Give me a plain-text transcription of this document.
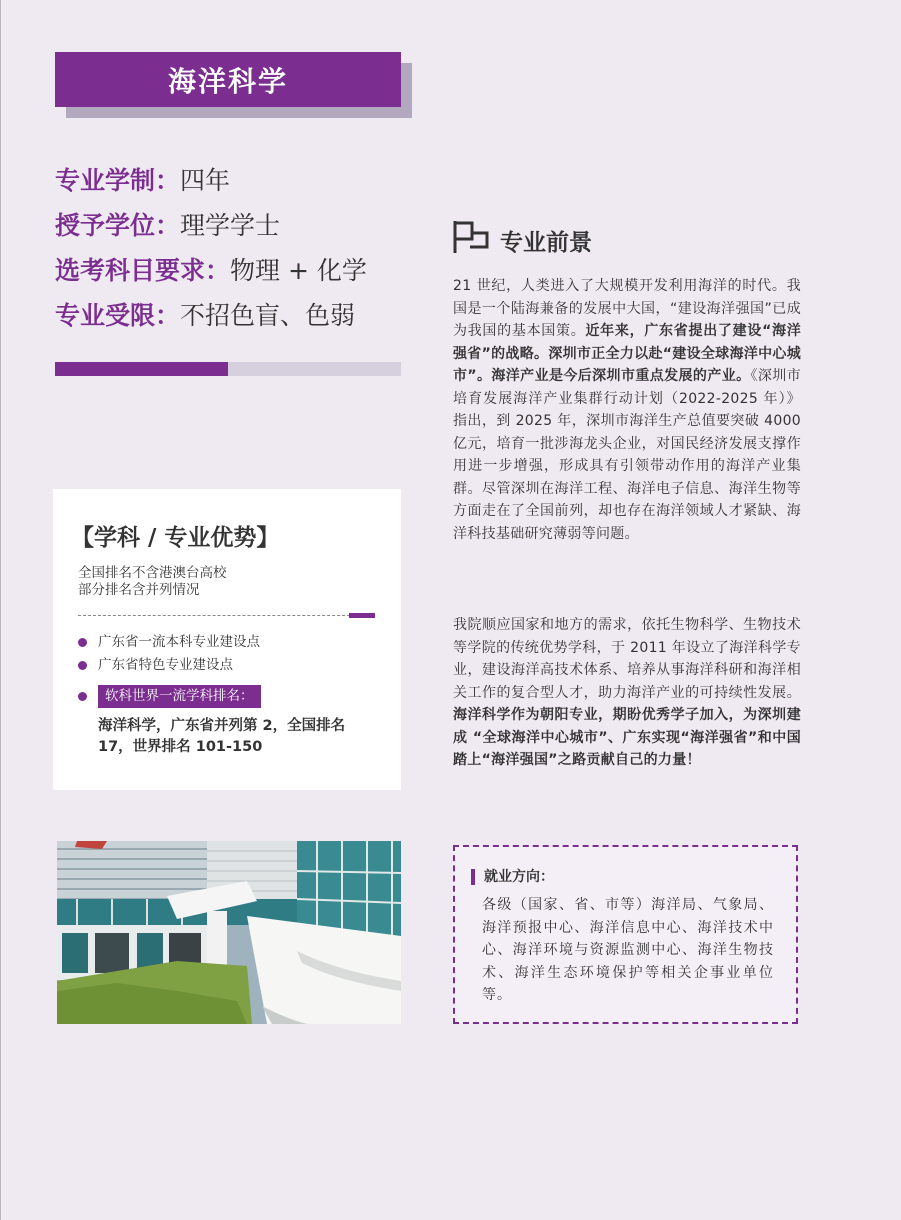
海洋科学
专业学制：四年
授予学位：理学学士
选考科目要求：物理 + 化学
专业受限：不招色盲、色弱
【学科 / 专业优势】
全国排名不含港澳台高校
部分排名含并列情况
广东省一流本科专业建设点
广东省特色专业建设点
软科世界一流学科排名：
海洋科学，广东省并列第 2，全国排名 17，世界排名 101-150
专业前景
21 世纪，人类进入了大规模开发利用海洋的时代。我国是一个陆海兼备的发展中大国，“建设海洋强国”已成为我国的基本国策。近年来，广东省提出了建设“海洋强省”的战略。深圳市正全力以赴“建设全球海洋中心城市”。海洋产业是今后深圳市重点发展的产业。《深圳市培育发展海洋产业集群行动计划（2022-2025 年）》指出，到 2025 年，深圳市海洋生产总值要突破 4000 亿元，培育一批涉海龙头企业，对国民经济发展支撑作用进一步增强，形成具有引领带动作用的海洋产业集群。尽管深圳在海洋工程、海洋电子信息、海洋生物等方面走在了全国前列，却也存在海洋领域人才紧缺、海洋科技基础研究薄弱等问题。
我院顺应国家和地方的需求，依托生物科学、生物技术等学院的传统优势学科，于 2011 年设立了海洋科学专业，建设海洋高技术体系、培养从事海洋科研和海洋相关工作的复合型人才，助力海洋产业的可持续性发展。海洋科学作为朝阳专业，期盼优秀学子加入，为深圳建成 “全球海洋中心城市”、广东实现“海洋强省”和中国踏上“海洋强国”之路贡献自己的力量！
就业方向：
各级（国家、省、市等）海洋局、气象局、海洋预报中心、海洋信息中心、海洋技术中心、海洋环境与资源监测中心、海洋生物技术、海洋生态环境保护等相关企事业单位等。
